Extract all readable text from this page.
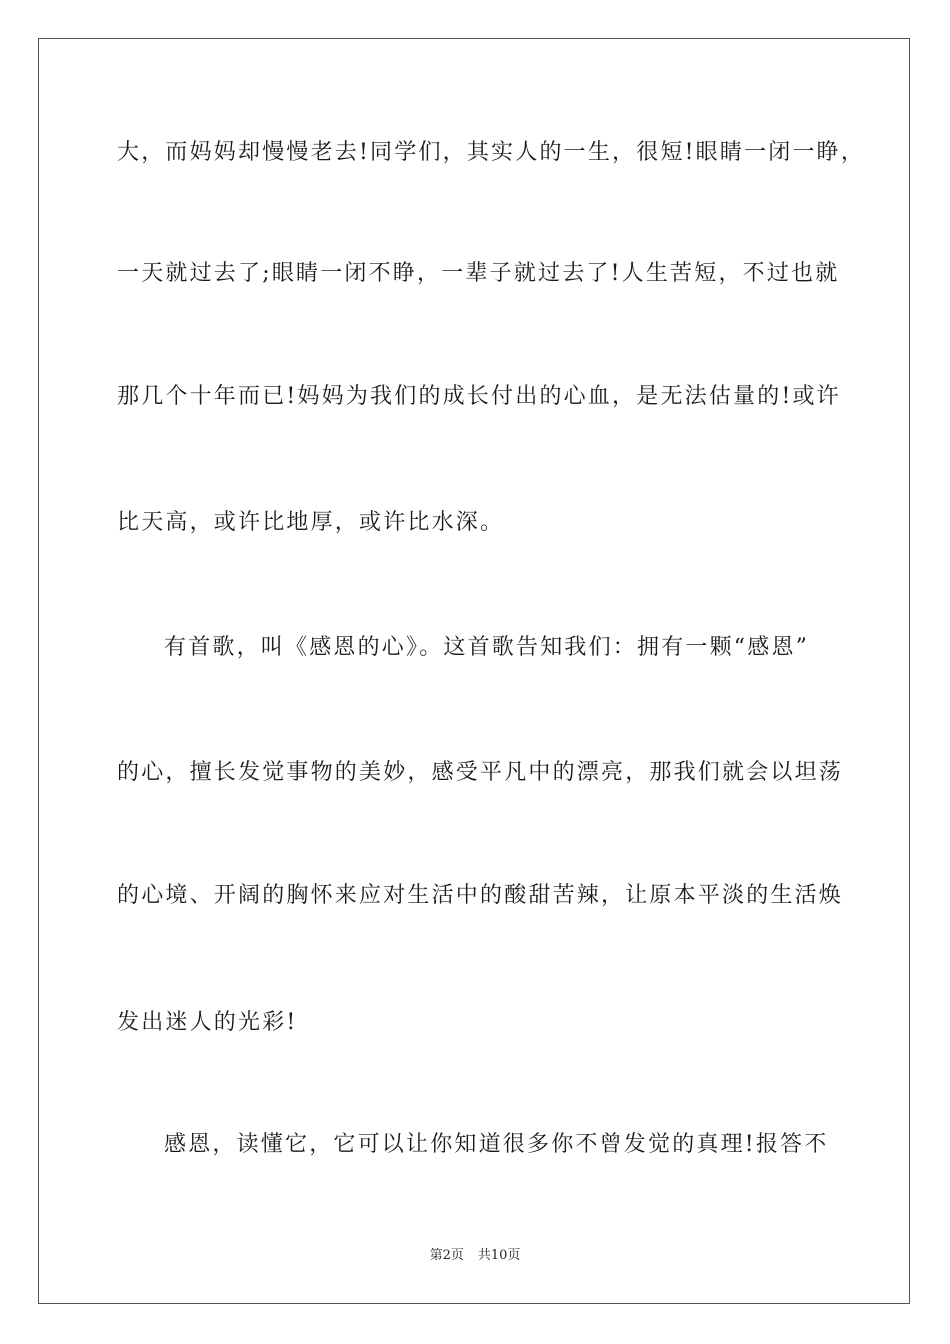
大，而妈妈却慢慢老去!同学们，其实人的一生，很短!眼睛一闭一睁，
一天就过去了;眼睛一闭不睁，一辈子就过去了!人生苦短，不过也就
那几个十年而已!妈妈为我们的成长付出的心血，是无法估量的!或许
比天高，或许比地厚，或许比水深。
有首歌，叫《感恩的心》。这首歌告知我们：拥有一颗“感恩”
的心，擅长发觉事物的美妙，感受平凡中的漂亮，那我们就会以坦荡
的心境、开阔的胸怀来应对生活中的酸甜苦辣，让原本平淡的生活焕
发出迷人的光彩!
感恩，读懂它，它可以让你知道很多你不曾发觉的真理!报答不
第2页 共10页
